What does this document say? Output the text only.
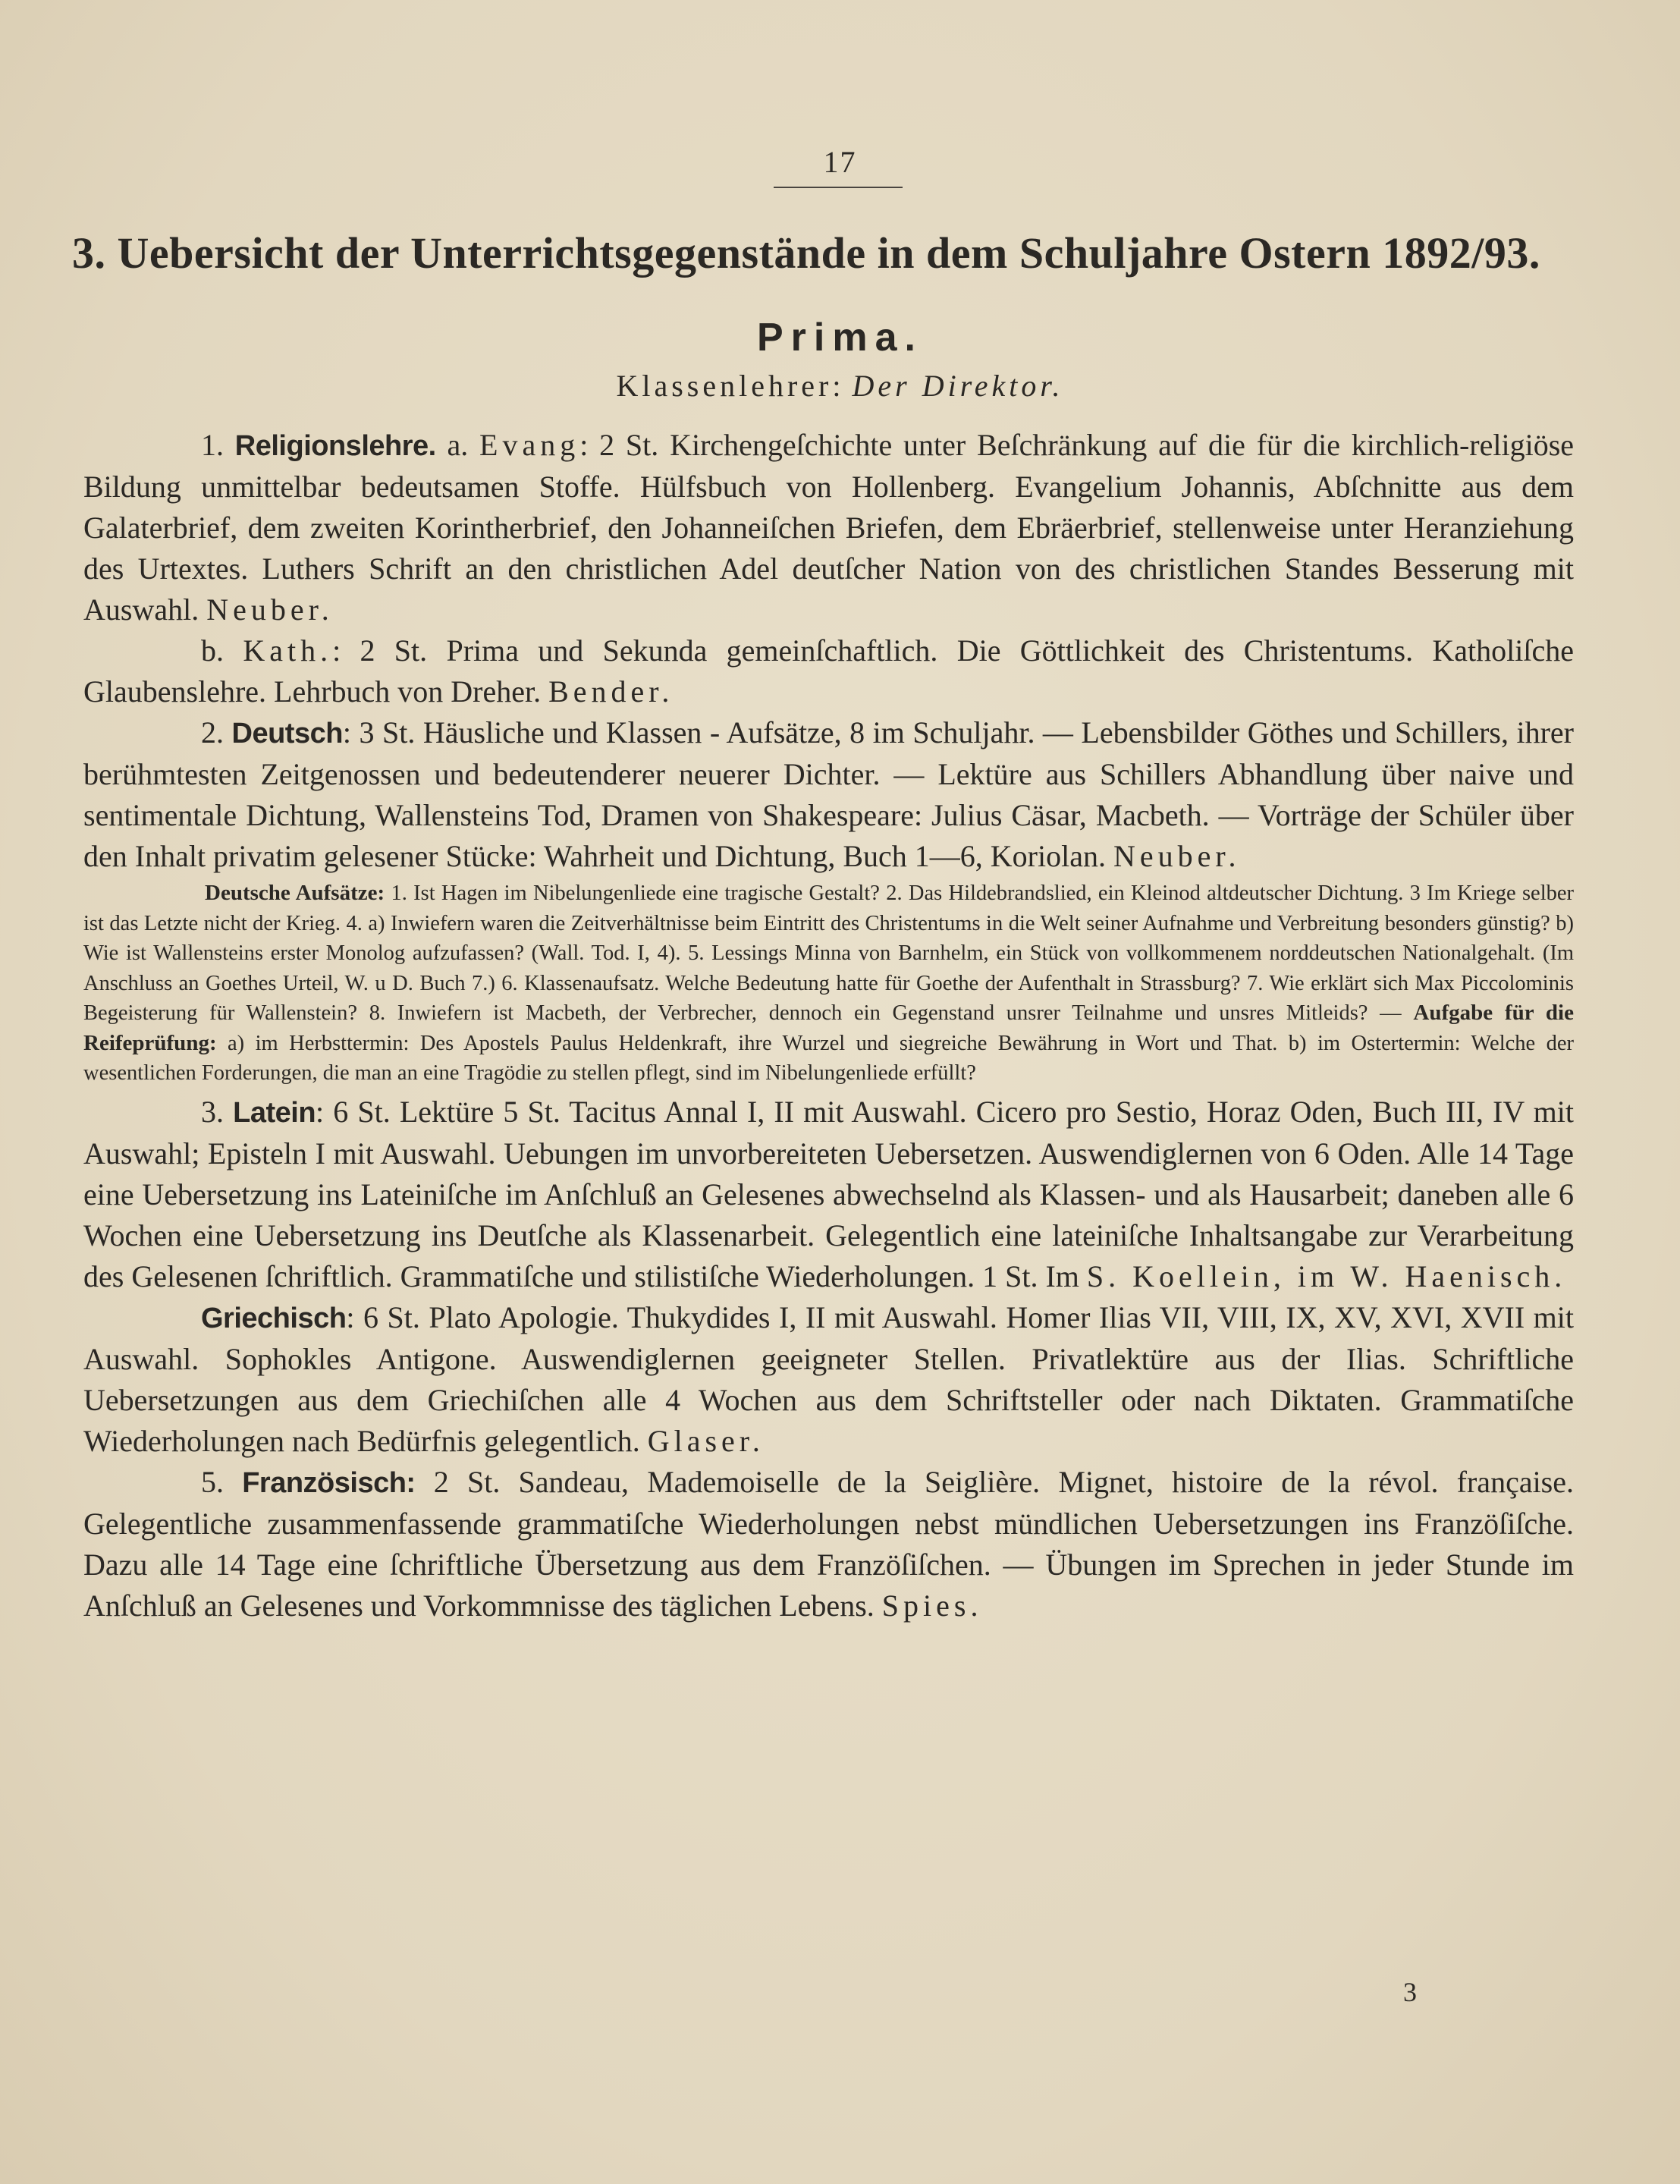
17
3. Uebersicht der Unterrichtsgegenstände in dem Schuljahre Ostern 1892/93.
Prima.
Klassenlehrer: Der Direktor.

1. Religionslehre. a. Evang: 2 St. Kirchengeſchichte unter Beſchränkung auf die für die kirchlich-religiöse Bildung unmittelbar bedeutsamen Stoffe. Hülfsbuch von Hollenberg. Evangelium Johannis, Abſchnitte aus dem Galaterbrief, dem zweiten Korintherbrief, den Johanneiſchen Briefen, dem Ebräerbrief, stellenweise unter Heranziehung des Urtextes. Luthers Schrift an den christlichen Adel deutſcher Nation von des christlichen Standes Besserung mit Auswahl. Neuber.

b. Kath.: 2 St. Prima und Sekunda gemeinſchaftlich. Die Göttlichkeit des Christentums. Katholiſche Glaubenslehre. Lehrbuch von Dreher. Bender.

2. Deutsch: 3 St. Häusliche und Klassen - Aufsätze, 8 im Schuljahr. — Lebensbilder Göthes und Schillers, ihrer berühmtesten Zeitgenossen und bedeutenderer neuerer Dichter. — Lektüre aus Schillers Abhandlung über naive und sentimentale Dichtung, Wallensteins Tod, Dramen von Shakespeare: Julius Cäsar, Macbeth. — Vorträge der Schüler über den Inhalt privatim gelesener Stücke: Wahrheit und Dichtung, Buch 1—6, Koriolan. Neuber.

Deutsche Aufsätze: 1. Ist Hagen im Nibelungenliede eine tragische Gestalt? 2. Das Hildebrandslied, ein Kleinod altdeutscher Dichtung. 3 Im Kriege selber ist das Letzte nicht der Krieg. 4. a) Inwiefern waren die Zeitverhältnisse beim Eintritt des Christentums in die Welt seiner Aufnahme und Verbreitung besonders günstig? b) Wie ist Wallensteins erster Monolog aufzufassen? (Wall. Tod. I, 4). 5. Lessings Minna von Barnhelm, ein Stück von vollkommenem norddeutschen Nationalgehalt. (Im Anschluss an Goethes Urteil, W. u D. Buch 7.) 6. Klassenaufsatz. Welche Bedeutung hatte für Goethe der Aufenthalt in Strassburg? 7. Wie erklärt sich Max Piccolominis Begeisterung für Wallenstein? 8. Inwiefern ist Macbeth, der Verbrecher, dennoch ein Gegenstand unsrer Teilnahme und unsres Mitleids? — Aufgabe für die Reifeprüfung: a) im Herbsttermin: Des Apostels Paulus Heldenkraft, ihre Wurzel und siegreiche Bewährung in Wort und That. b) im Ostertermin: Welche der wesentlichen Forderungen, die man an eine Tragödie zu stellen pflegt, sind im Nibelungenliede erfüllt?

3. Latein: 6 St. Lektüre 5 St. Tacitus Annal I, II mit Auswahl. Cicero pro Sestio, Horaz Oden, Buch III, IV mit Auswahl; Episteln I mit Auswahl. Uebungen im unvorbereiteten Uebersetzen. Auswendiglernen von 6 Oden. Alle 14 Tage eine Uebersetzung ins Lateiniſche im Anſchluß an Gelesenes abwechselnd als Klassen- und als Hausarbeit; daneben alle 6 Wochen eine Uebersetzung ins Deutſche als Klassenarbeit. Gelegentlich eine lateiniſche Inhaltsangabe zur Verarbeitung des Gelesenen ſchriftlich. Grammatiſche und stilistiſche Wiederholungen. 1 St. Im S. Koellein, im W. Haenisch.

Griechisch: 6 St. Plato Apologie. Thukydides I, II mit Auswahl. Homer Ilias VII, VIII, IX, XV, XVI, XVII mit Auswahl. Sophokles Antigone. Auswendiglernen geeigneter Stellen. Privatlektüre aus der Ilias. Schriftliche Uebersetzungen aus dem Griechiſchen alle 4 Wochen aus dem Schriftsteller oder nach Diktaten. Grammatiſche Wiederholungen nach Bedürfnis gelegentlich. Glaser.

5. Französisch: 2 St. Sandeau, Mademoiselle de la Seiglière. Mignet, histoire de la révol. française. Gelegentliche zusammenfassende grammatiſche Wiederholungen nebst mündlichen Uebersetzungen ins Franzöſiſche. Dazu alle 14 Tage eine ſchriftliche Übersetzung aus dem Franzöſiſchen. — Übungen im Sprechen in jeder Stunde im Anſchluß an Gelesenes und Vorkommnisse des täglichen Lebens. Spies.

3
